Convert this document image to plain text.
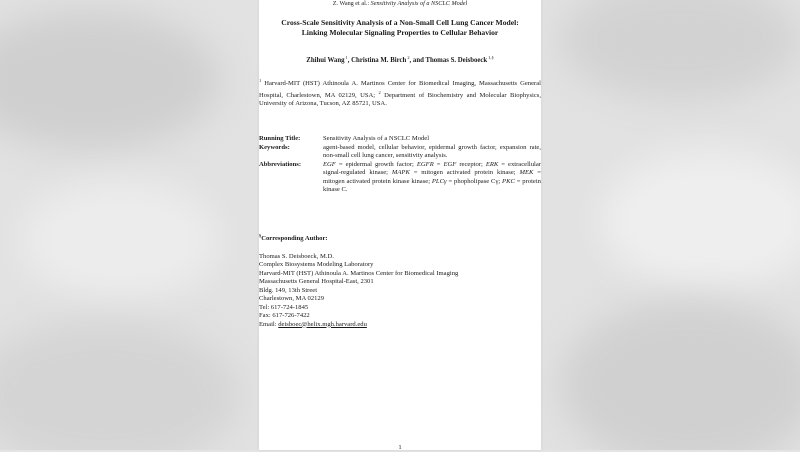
Z. Wang et al.: Sensitivity Analysis of a NSCLC Model
Cross-Scale Sensitivity Analysis of a Non-Small Cell Lung Cancer Model:
Linking Molecular Signaling Properties to Cellular Behavior
Zhihui Wang$^1$, Christina M. Birch$^2$, and Thomas S. Deisboeck$^{1,\S}$
$^1$ Harvard-MIT (HST) Athinoula A. Martinos Center for Biomedical Imaging, Massachusetts General Hospital, Charlestown, MA 02129, USA; $^2$ Department of Biochemistry and Molecular Biophysics, University of Arizona, Tucson, AZ 85721, USA.
Running Title:	Sensitivity Analysis of a NSCLC Model
Keywords:	agent-based model, cellular behavior, epidermal growth factor, expansion rate, non-small cell lung cancer, sensitivity analysis.
Abbreviations:	EGF = epidermal growth factor; EGFR = EGF receptor; ERK = extracellular signal-regulated kinase; MAPK = mitogen activated protein kinase; MEK = mitogen activated protein kinase kinase; PLCγ = phopholipase Cγ; PKC = protein kinase C.
§Corresponding Author:
Thomas S. Deisboeck, M.D.
Complex Biosystems Modeling Laboratory
Harvard-MIT (HST) Athinoula A. Martinos Center for Biomedical Imaging
Massachusetts General Hospital-East, 2301
Bldg. 149, 13th Street
Charlestown, MA 02129
Tel: 617-724-1845
Fax: 617-726-7422
Email: deisboec@helix.mgh.harvard.edu
1
